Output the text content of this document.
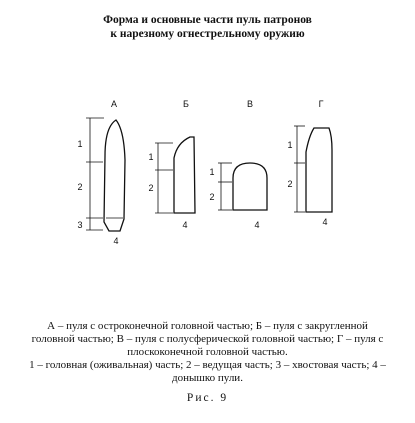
Форма и основные части пуль патронов
к нарезному огнестрельному оружию
А	Б	В	Г
1
2
3
4
1
2
4
1
2
4
1
2
4

А – пуля с остроконечной головной частью; Б – пуля с закругленной

головной частью; В – пуля с полусферической головной частью; Г – пуля с

плоскоконечной головной частью.

1 – головная (оживальная) часть; 2 – ведущая часть; 3 – хвостовая часть; 4 –

донышко пули.

Рис. 9
